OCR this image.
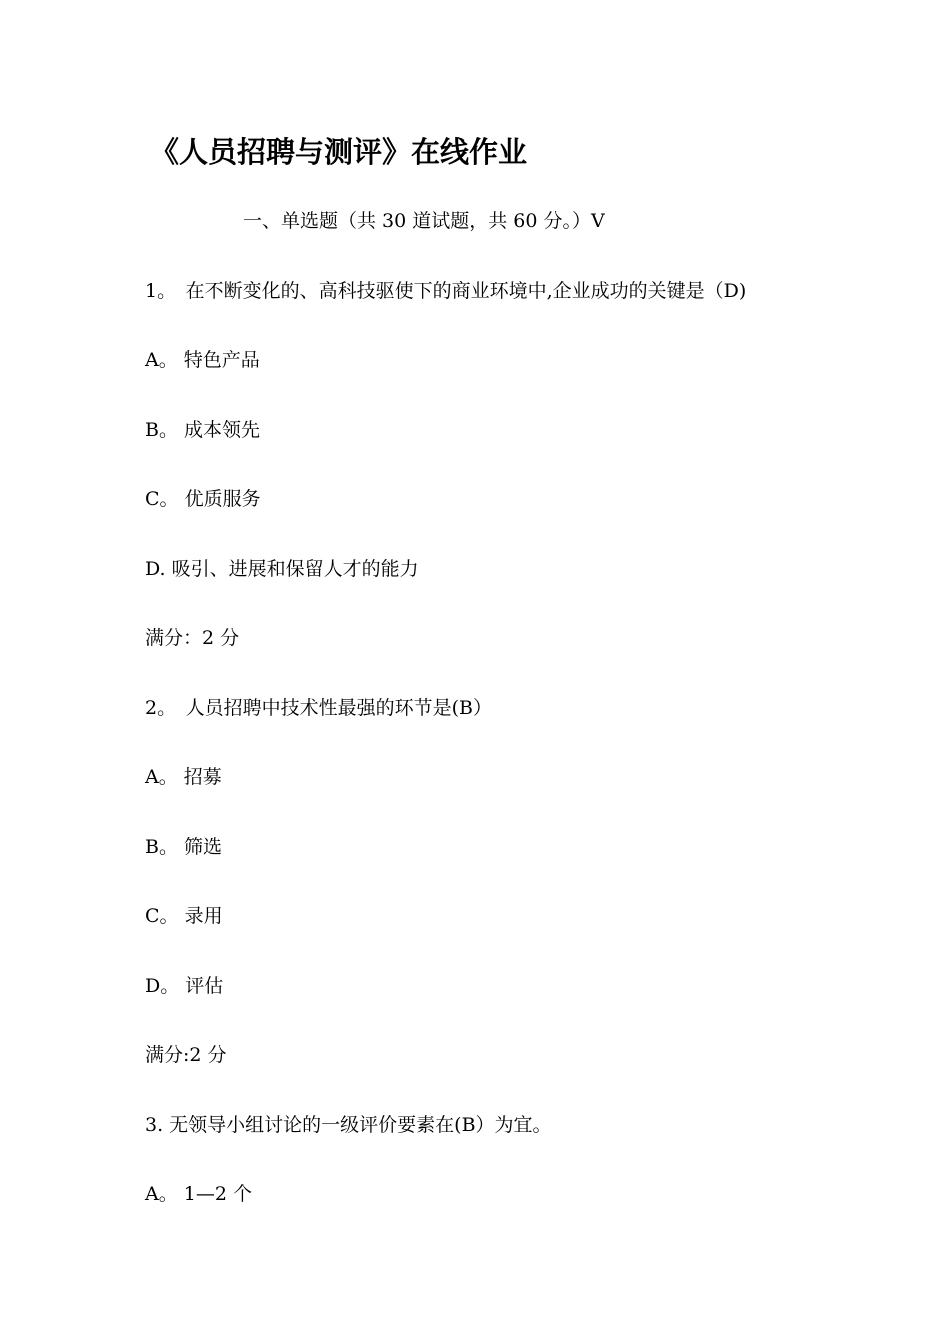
《人员招聘与测评》在线作业
一、单选题（共 30 道试题，共 60 分。）V
1。　在不断变化的、高科技驱使下的商业环境中,企业成功的关键是（D)
A。 特色产品
B。 成本领先
C。 优质服务
D. 吸引、进展和保留人才的能力
满分：2 分
2。　人员招聘中技术性最强的环节是(B）
A。 招募
B。 筛选
C。 录用
D。 评估
满分:2 分
3. 无领导小组讨论的一级评价要素在(B）为宜。
A。 1—2 个
